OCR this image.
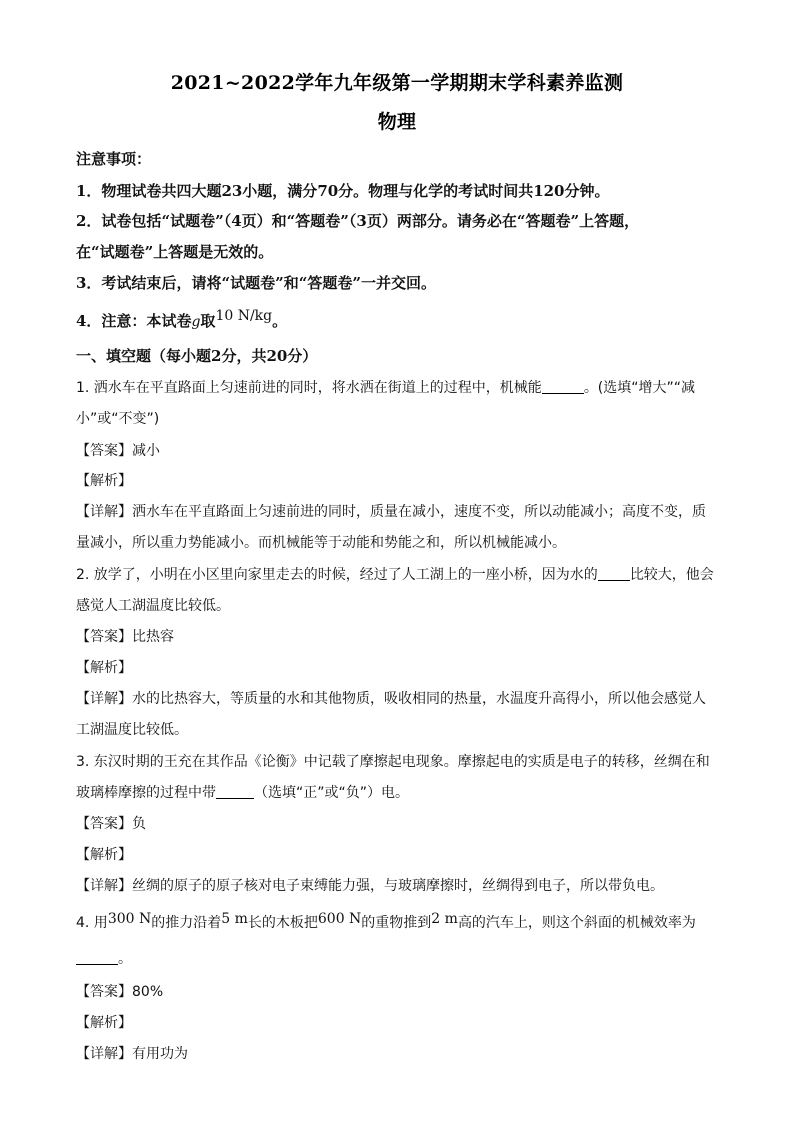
2021~2022学年九年级第一学期期末学科素养监测
物理
注意事项：
1．物理试卷共四大题23小题，满分70分。物理与化学的考试时间共120分钟。
2．试卷包括“试题卷”（4页）和“答题卷”（3页）两部分。请务必在“答题卷”上答题，
在“试题卷”上答题是无效的。
3．考试结束后，请将“试题卷”和“答题卷”一并交回。
4．注意：本试卷g取10 N/kg。
一、填空题（每小题2分，共20分）
1. 洒水车在平直路面上匀速前进的同时，将水洒在街道上的过程中，机械能	。(选填“增大”“减
小”或“不变”)
【答案】减小
【解析】
【详解】洒水车在平直路面上匀速前进的同时，质量在减小，速度不变，所以动能减小；高度不变，质
量减小，所以重力势能减小。而机械能等于动能和势能之和，所以机械能减小。
2. 放学了，小明在小区里向家里走去的时候，经过了人工湖上的一座小桥，因为水的 比较大，他会
感觉人工湖温度比较低。
【答案】比热容
【解析】
【详解】水的比热容大，等质量的水和其他物质，吸收相同的热量，水温度升高得小，所以他会感觉人
工湖温度比较低。
3. 东汉时期的王充在其作品《论衡》中记载了摩擦起电现象。摩擦起电的实质是电子的转移，丝绸在和
玻璃棒摩擦的过程中带	（选填“正”或“负”）电。
【答案】负
【解析】
【详解】丝绸的原子的原子核对电子束缚能力强，与玻璃摩擦时，丝绸得到电子，所以带负电。
4. 用300 N的推力沿着5 m长的木板把600 N的重物推到2 m高的汽车上，则这个斜面的机械效率为
。
【答案】80%
【解析】
【详解】有用功为
